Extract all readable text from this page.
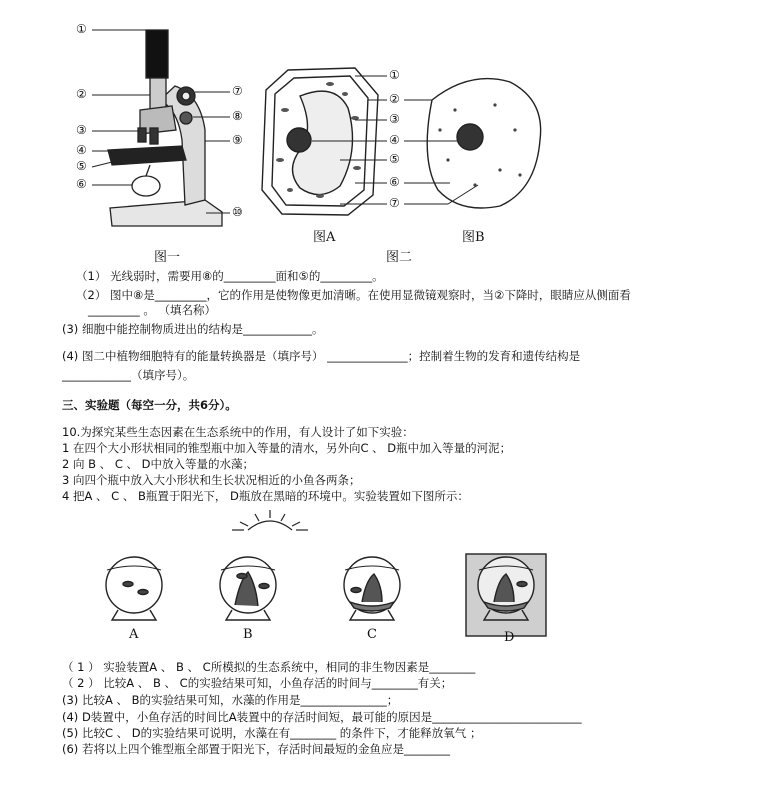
①
②
③
④
⑤
⑥
⑦
⑧
⑨
⑩
①
②
③
④
⑤
⑥
⑦
图A	图B
图一	图二
（1） 光线弱时，需要用⑧的_________面和⑤的_________。
（2） 图中⑧是_________，它的作用是使物像更加清晰。在使用显微镜观察时，当②下降时，眼睛应从侧面看
_________ 。 （填名称）
(3) 细胞中能控制物质进出的结构是____________。
(4) 图二中植物细胞特有的能量转换器是（填序号） ______________；控制着生物的发育和遗传结构是
____________（填序号）。
三、实验题（每空一分，共6分）。
10.为探究某些生态因素在生态系统中的作用，有人设计了如下实验：
1 在四个大小形状相同的锥型瓶中加入等量的清水，另外向C 、 D瓶中加入等量的河泥；
2 向 B 、 C 、 D中放入等量的水藻；
3 向四个瓶中放入大小形状和生长状况相近的小鱼各两条；
4 把A 、 C 、 B瓶置于阳光下， D瓶放在黑暗的环境中。实验装置如下图所示：
A	B	C	D
（ 1 ） 实验装置A 、 B 、 C所模拟的生态系统中，相同的非生物因素是________
（ 2 ） 比较A 、 B 、 C的实验结果可知，小鱼存活的时间与________有关；
(3) 比较A 、 B的实验结果可知，水藻的作用是_______________；
(4) D装置中，小鱼存活的时间比A装置中的存活时间短，最可能的原因是__________________________
(5) 比较C 、 D的实验结果可说明，水藻在有________ 的条件下，才能释放氧气 ；
(6) 若将以上四个锥型瓶全部置于阳光下，存活时间最短的金鱼应是________
